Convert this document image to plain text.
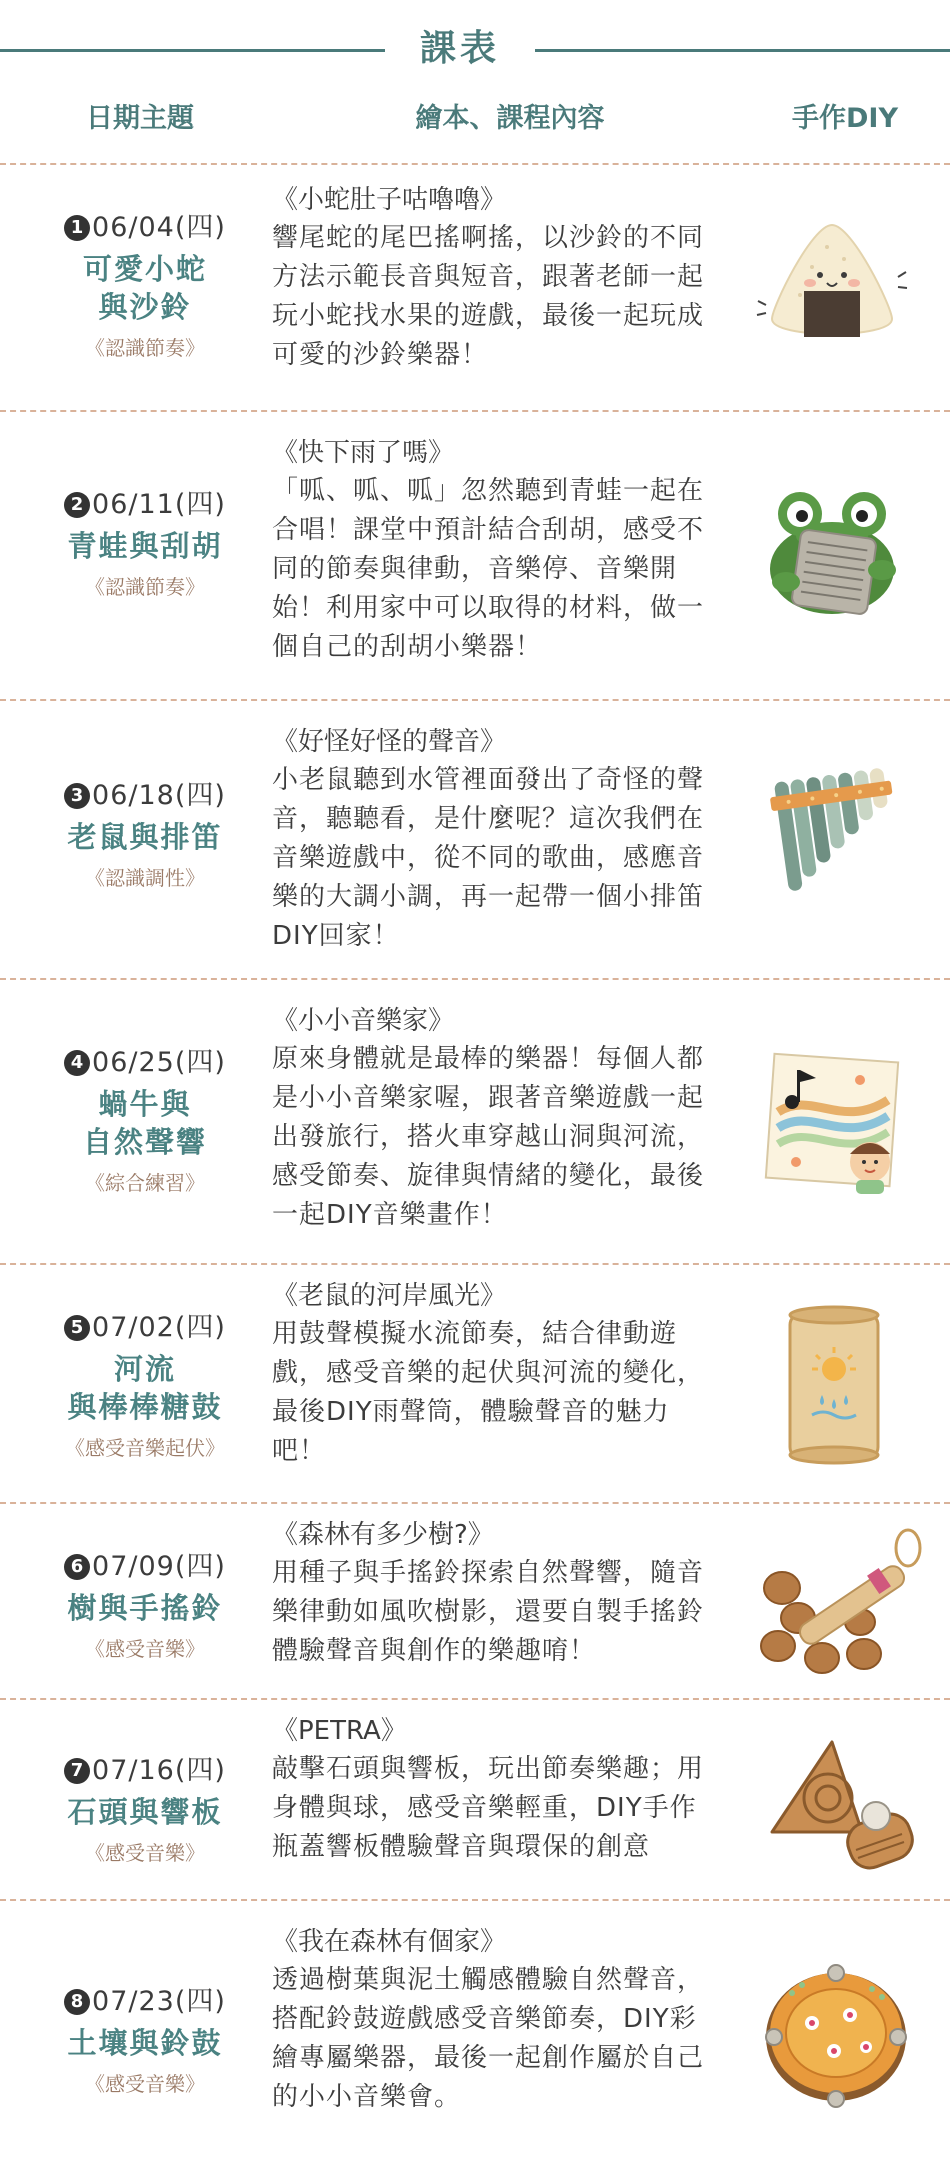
課表
日期主題	繪本、課程內容	手作DIY
1 06/04(四)
可愛小蛇
與沙鈴
《認識節奏》
《小蛇肚子咕嚕嚕》
響尾蛇的尾巴搖啊搖，以沙鈴的不同方法示範長音與短音，跟著老師一起玩小蛇找水果的遊戲，最後一起玩成可愛的沙鈴樂器！
2 06/11(四)
青蛙與刮胡
《認識節奏》
《快下雨了嗎》
「呱、呱、呱」忽然聽到青蛙一起在合唱！課堂中預計結合刮胡，感受不同的節奏與律動，音樂停、音樂開始！利用家中可以取得的材料，做一個自己的刮胡小樂器！
3 06/18(四)
老鼠與排笛
《認識調性》
《好怪好怪的聲音》
小老鼠聽到水管裡面發出了奇怪的聲音，聽聽看，是什麼呢？這次我們在音樂遊戲中，從不同的歌曲，感應音樂的大調小調，再一起帶一個小排笛DIY回家！
4 06/25(四)
蝸牛與
自然聲響
《綜合練習》
《小小音樂家》
原來身體就是最棒的樂器！每個人都是小小音樂家喔，跟著音樂遊戲一起出發旅行，搭火車穿越山洞與河流，感受節奏、旋律與情緒的變化，最後一起DIY音樂畫作！
5 07/02(四)
河流
與棒棒糖鼓
《感受音樂起伏》
《老鼠的河岸風光》
用鼓聲模擬水流節奏，結合律動遊戲，感受音樂的起伏與河流的變化，最後DIY雨聲筒，體驗聲音的魅力吧！
6 07/09(四)
樹與手搖鈴
《感受音樂》
《森林有多少樹?》
用種子與手搖鈴探索自然聲響，隨音樂律動如風吹樹影，還要自製手搖鈴體驗聲音與創作的樂趣唷！
7 07/16(四)
石頭與響板
《感受音樂》
《PETRA》
敲擊石頭與響板，玩出節奏樂趣；用身體與球，感受音樂輕重，DIY手作瓶蓋響板體驗聲音與環保的創意
8 07/23(四)
土壤與鈴鼓
《感受音樂》
《我在森林有個家》
透過樹葉與泥土觸感體驗自然聲音，搭配鈴鼓遊戲感受音樂節奏，DIY彩繪專屬樂器，最後一起創作屬於自己的小小音樂會。
